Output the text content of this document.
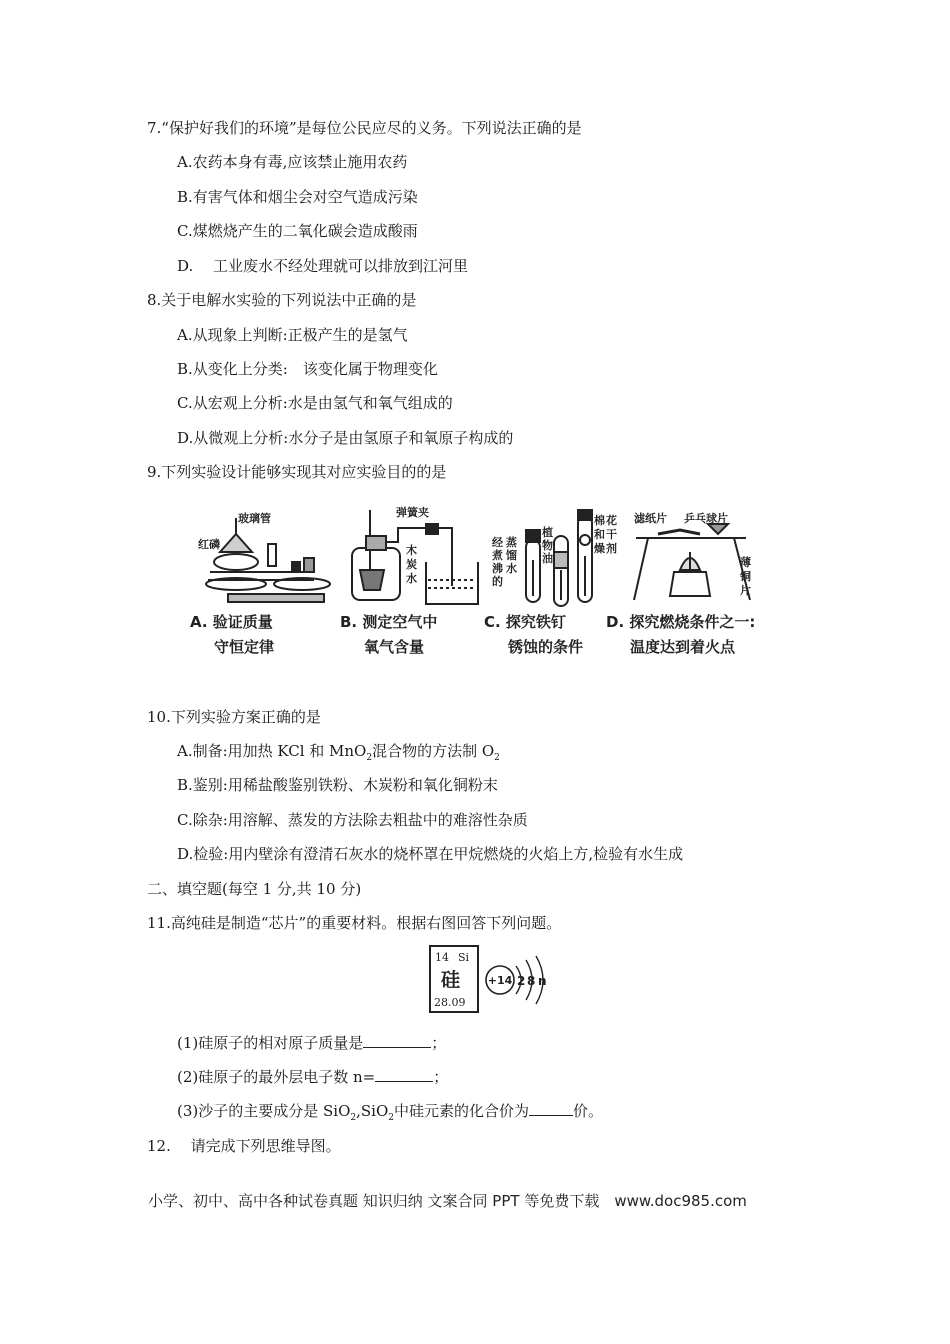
7.“保护好我们的环境”是每位公民应尽的义务。下列说法正确的是
A.农药本身有毒,应该禁止施用农药
B.有害气体和烟尘会对空气造成污染
C.煤燃烧产生的二氧化碳会造成酸雨
D.　 工业废水不经处理就可以排放到江河里
8.关于电解水实验的下列说法中正确的是
A.从现象上判断:正极产生的是氢气
B.从变化上分类:　该变化属于物理变化
C.从宏观上分析:水是由氢气和氧气组成的
D.从微观上分析:水分子是由氢原子和氧原子构成的
9.下列实验设计能够实现其对应实验目的的是
玻璃管
红磷
弹簧夹
木
炭
水
经
煮
沸
的
蒸
馏
水
植
物
油
棉 花
和 干
燥 剂
滤纸片 乒乓球片
薄
铜
片
A. 验证质量
守恒定律
B. 测定空气中
氧气含量
C. 探究铁钉
锈蚀的条件
D. 探究燃烧条件之一:
温度达到着火点
10.下列实验方案正确的是
A.制备:用加热 KCl 和 MnO$_2$混合物的方法制 $O_2$
B.鉴别:用稀盐酸鉴别铁粉、木炭粉和氧化铜粉末
C.除杂:用溶解、蒸发的方法除去粗盐中的难溶性杂质
D.检验:用内壁涂有澄清石灰水的烧杯罩在甲烷燃烧的火焰上方,检验有水生成
二、填空题(每空 1 分,共 10 分)
11.高纯硅是制造“芯片”的重要材料。根据右图回答下列问题。
14 Si
硅
28.09
+14 2 8 n
(1)硅原子的相对原子质量是	；
(2)硅原子的最外层电子数 n=	；
(3)沙子的主要成分是 SiO$_2$,SiO$_2$中硅元素的化合价为	价。
12.　 请完成下列思维导图。
小学、初中、高中各种试卷真题 知识归纳 文案合同 PPT 等免费下载　www.doc985.com
